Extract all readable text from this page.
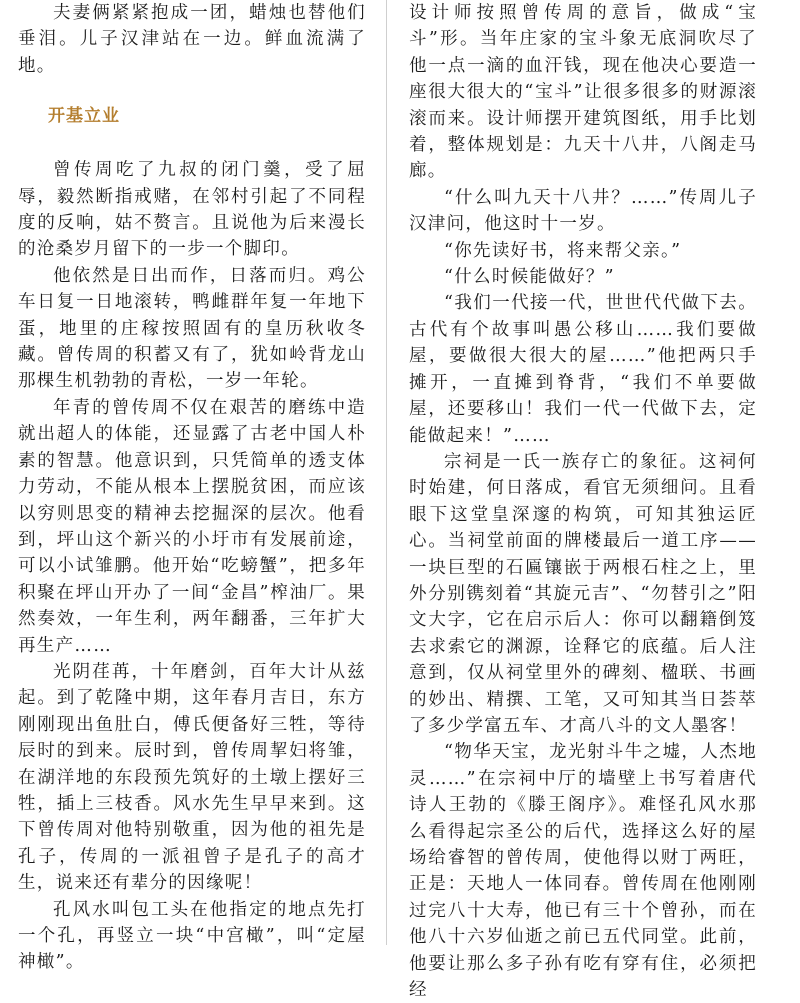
夫妻俩紧紧抱成一团，蜡烛也替他们垂泪。儿子汉津站在一边。鲜血流满了地。

开基立业

曾传周吃了九叔的闭门羹，受了屈辱，毅然断指戒赌，在邻村引起了不同程度的反响，姑不赘言。且说他为后来漫长的沧桑岁月留下的一步一个脚印。

他依然是日出而作，日落而归。鸡公车日复一日地滚转，鸭雌群年复一年地下蛋，地里的庄稼按照固有的皇历秋收冬藏。曾传周的积蓄又有了，犹如岭背龙山那棵生机勃勃的青松，一岁一年轮。

年青的曾传周不仅在艰苦的磨练中造就出超人的体能，还显露了古老中国人朴素的智慧。他意识到，只凭简单的透支体力劳动，不能从根本上摆脱贫困，而应该以穷则思变的精神去挖掘深的层次。他看到，坪山这个新兴的小圩市有发展前途，可以小试雏鹏。他开始“吃螃蟹”，把多年积聚在坪山开办了一间“金昌”榨油厂。果然奏效，一年生利，两年翻番，三年扩大再生产……

光阴荏苒，十年磨剑，百年大计从兹起。到了乾隆中期，这年春月吉日，东方刚刚现出鱼肚白，傅氏便备好三牲，等待辰时的到来。辰时到，曾传周挈妇将雏，在湖洋地的东段预先筑好的土墩上摆好三牲，插上三枝香。风水先生早早来到。这下曾传周对他特别敬重，因为他的祖先是孔子，传周的一派祖曾子是孔子的高才生，说来还有辈分的因缘呢！

孔风水叫包工头在他指定的地点先打一个孔，再竖立一块“中宫橄”，叫“定屋神橄”。

设计师按照曾传周的意旨，做成“宝斗”形。当年庄家的宝斗象无底洞吹尽了他一点一滴的血汗钱，现在他决心要造一座很大很大的“宝斗”让很多很多的财源滚滚而来。设计师摆开建筑图纸，用手比划着，整体规划是：九天十八井，八阁走马廊。

“什么叫九天十八井？……”传周儿子汉津问，他这时十一岁。

“你先读好书，将来帮父亲。”

“什么时候能做好？”

“我们一代接一代，世世代代做下去。古代有个故事叫愚公移山……我们要做屋，要做很大很大的屋……”他把两只手摊开，一直摊到脊背，“我们不单要做屋，还要移山！我们一代一代做下去，定能做起来！”……

宗祠是一氏一族存亡的象征。这祠何时始建，何日落成，看官无须细问。且看眼下这堂皇深邃的构筑，可知其独运匠心。当祠堂前面的牌楼最后一道工序——一块巨型的石匾镶嵌于两根石柱之上，里外分别镌刻着“其旋元吉”、“勿替引之”阳文大字，它在启示后人：你可以翻籍倒笈去求索它的渊源，诠释它的底蕴。后人注意到，仅从祠堂里外的碑刻、楹联、书画的妙出、精撰、工笔，又可知其当日荟萃了多少学富五车、才高八斗的文人墨客！

“物华天宝，龙光射斗牛之墟，人杰地灵……”在宗祠中厅的墙壁上书写着唐代诗人王勃的《滕王阁序》。难怪孔风水那么看得起宗圣公的后代，选择这么好的屋场给睿智的曾传周，使他得以财丁两旺，正是：天地人一体同春。曾传周在他刚刚过完八十大寿，他已有三十个曾孙，而在他八十六岁仙逝之前已五代同堂。此前，他要让那么多子孙有吃有穿有住，必须把经
